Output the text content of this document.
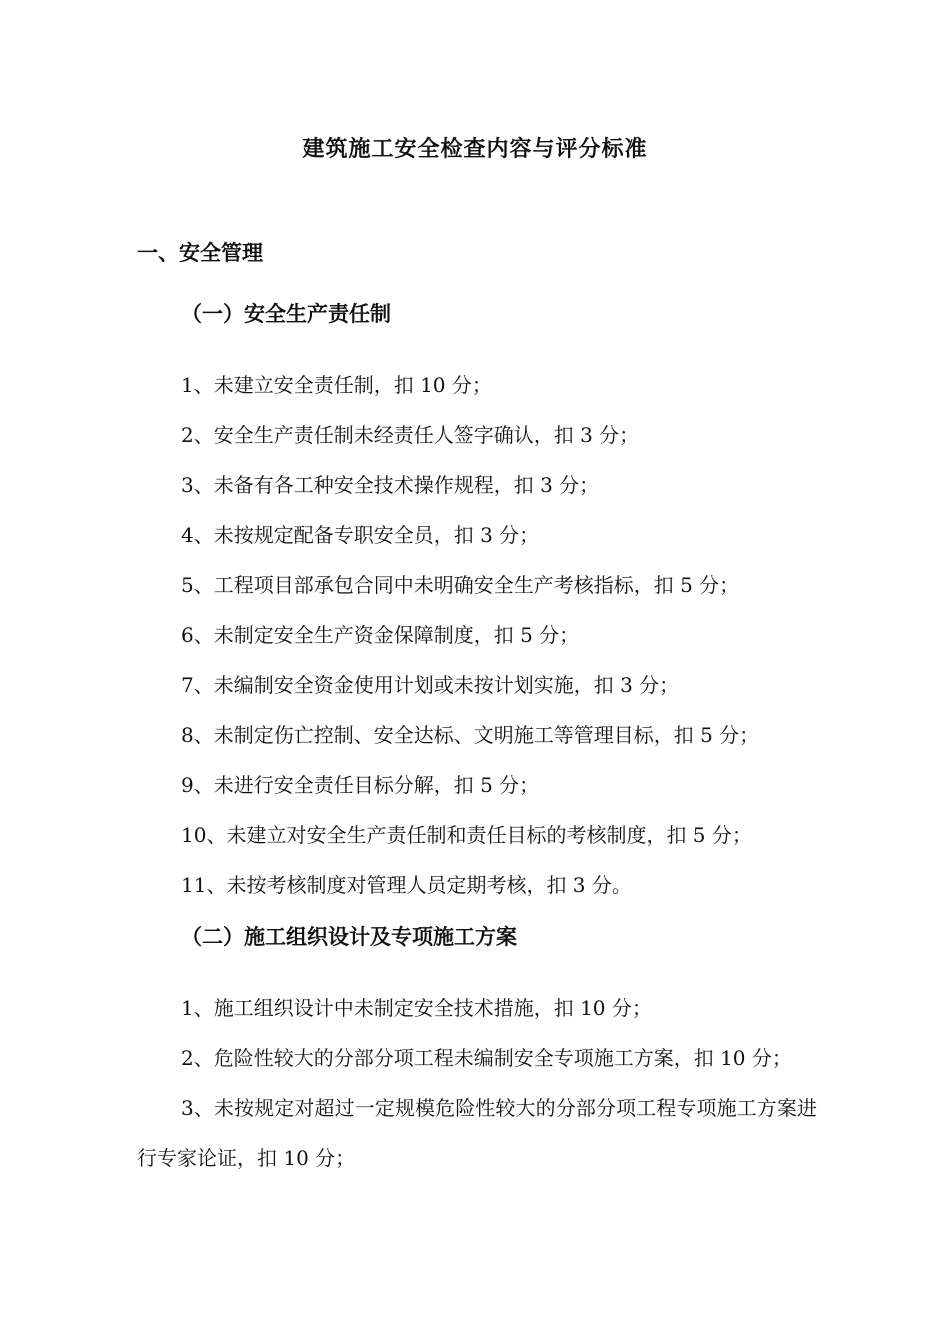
建筑施工安全检查内容与评分标准
一、安全管理
（一）安全生产责任制
1、未建立安全责任制，扣 10 分；
2、安全生产责任制未经责任人签字确认，扣 3 分；
3、未备有各工种安全技术操作规程，扣 3 分；
4、未按规定配备专职安全员，扣 3 分；
5、工程项目部承包合同中未明确安全生产考核指标，扣 5 分；
6、未制定安全生产资金保障制度，扣 5 分；
7、未编制安全资金使用计划或未按计划实施，扣 3 分；
8、未制定伤亡控制、安全达标、文明施工等管理目标，扣 5 分；
9、未进行安全责任目标分解，扣 5 分；
10、未建立对安全生产责任制和责任目标的考核制度，扣 5 分；
11、未按考核制度对管理人员定期考核，扣 3 分。
（二）施工组织设计及专项施工方案
1、施工组织设计中未制定安全技术措施，扣 10 分；
2、危险性较大的分部分项工程未编制安全专项施工方案，扣 10 分；
3、未按规定对超过一定规模危险性较大的分部分项工程专项施工方案进行专家论证，扣 10 分；
